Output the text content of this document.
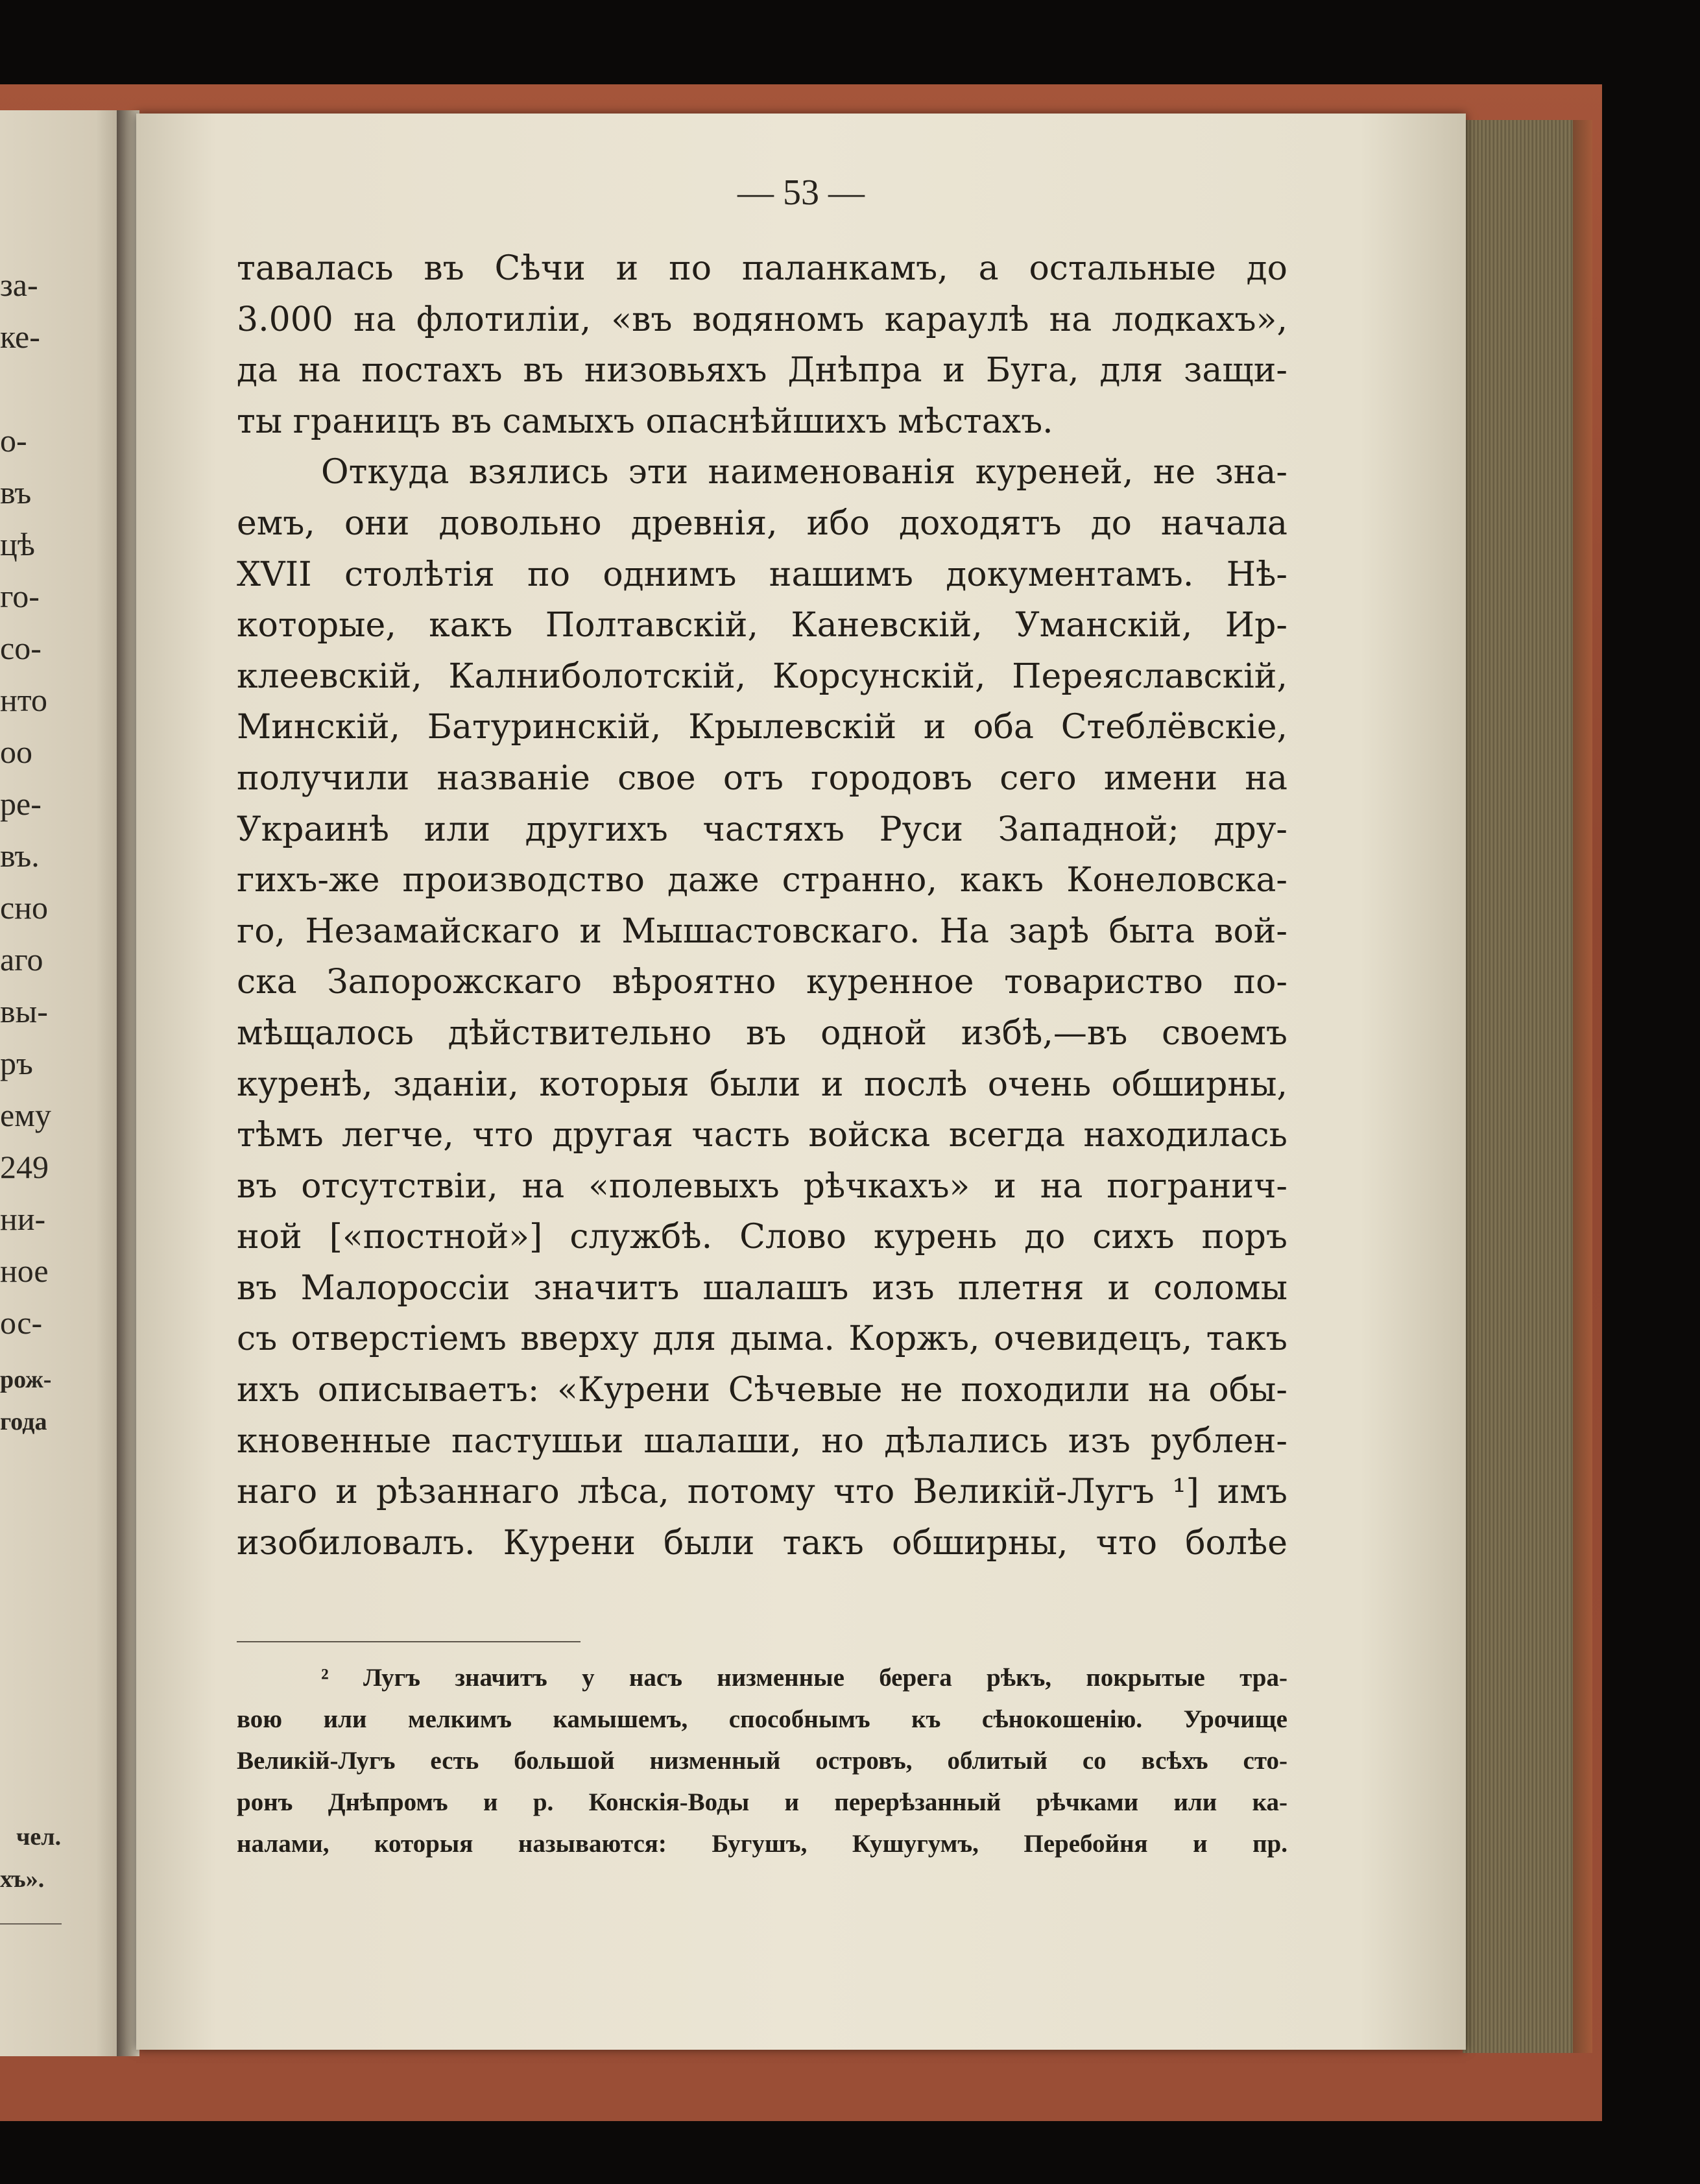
за-
ке-
о-
въ
цѣ
го-
со-
нто
оо
ре-
въ.
сно
аго
вы-
ръ
ему
249
ни-
ное
ос-
рож-
года
чел.
хъ».
— 53 —
тавалась въ Сѣчи и по паланкамъ, а остальные до
3.000 на флотиліи, «въ водяномъ караулѣ на лодкахъ»,
да на постахъ въ низовьяхъ Днѣпра и Буга, для защи-
ты границъ въ самыхъ опаснѣйшихъ мѣстахъ.
Откуда взялись эти наименованія куреней, не зна-
емъ, они довольно древнія, ибо доходятъ до начала
XVII столѣтія по однимъ нашимъ документамъ. Нѣ-
которые, какъ Полтавскій, Каневскій, Уманскій, Ир-
клеевскій, Калниболотскій, Корсунскій, Переяславскій,
Минскій, Батуринскій, Крылевскій и оба Стеблёвскіе,
получили названіе свое отъ городовъ сего имени на
Украинѣ или другихъ частяхъ Руси Западной; дру-
гихъ-же производство даже странно, какъ Конеловска-
го, Незамайскаго и Мышастовскаго. На зарѣ быта вой-
ска Запорожскаго вѣроятно куренное товариство по-
мѣщалось дѣйствительно въ одной избѣ,—въ своемъ
куренѣ, зданіи, которыя были и послѣ очень обширны,
тѣмъ легче, что другая часть войска всегда находилась
въ отсутствіи, на «полевыхъ рѣчкахъ» и на погранич-
ной [«постной»] службѣ. Слово курень до сихъ поръ
въ Малороссіи значитъ шалашъ изъ плетня и соломы
съ отверстіемъ вверху для дыма. Коржъ, очевидецъ, такъ
ихъ описываетъ: «Курени Сѣчевые не походили на обы-
кновенные пастушьи шалаши, но дѣлались изъ рублен-
наго и рѣзаннаго лѣса, потому что Великій-Лугъ ¹] имъ
изобиловалъ. Курени были такъ обширны, что болѣе
² Лугъ значитъ у насъ низменные берега рѣкъ, покрытые тра-
вою или мелкимъ камышемъ, способнымъ къ сѣнокошенію. Урочище
Великій-Лугъ есть большой низменный островъ, облитый со всѣхъ сто-
ронъ Днѣпромъ и р. Конскія-Воды и перерѣзанный рѣчками или ка-
налами, которыя называются: Бугушъ, Кушугумъ, Перебойня и пр.
